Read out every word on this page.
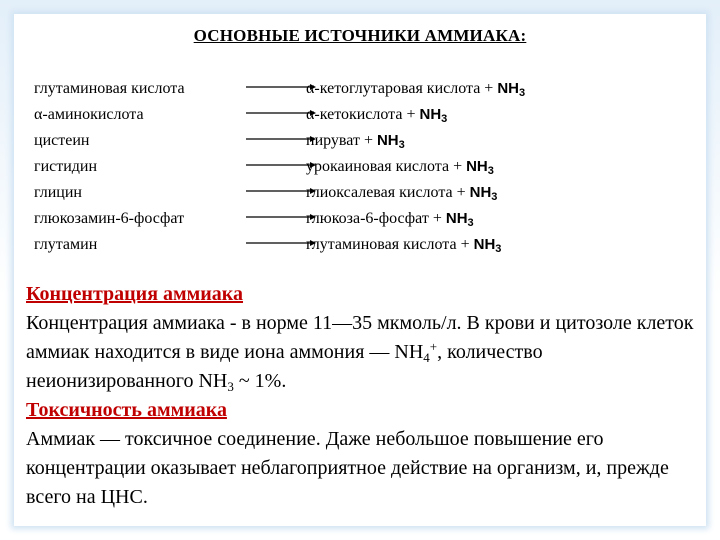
ОСНОВНЫЕ ИСТОЧНИКИ АММИАКА:
глутаминовая кислота	α-кетоглутаровая кислота + $NH_3$
α-аминокислота	α-кетокислота + $NH_3$
цистеин	пируват + $NH_3$
гистидин	урокаиновая кислота + $NH_3$
глицин	глиоксалевая кислота + $NH_3$
глюкозамин-6-фосфат	глюкоза-6-фосфат + $NH_3$
глутамин	глутаминовая кислота + $NH_3$

Концентрация аммиака

Концентрация аммиака - в норме 11—35 мкмоль/л. В крови и цитозоле клеток аммиак находится в виде иона аммония — $NH_4^+$, количество неионизированного $NH_3$ ~ 1%.

Токсичность аммиака

Аммиак — токсичное соединение. Даже небольшое повышение его концентрации оказывает неблагоприятное действие на организм, и, прежде всего на ЦНС.
